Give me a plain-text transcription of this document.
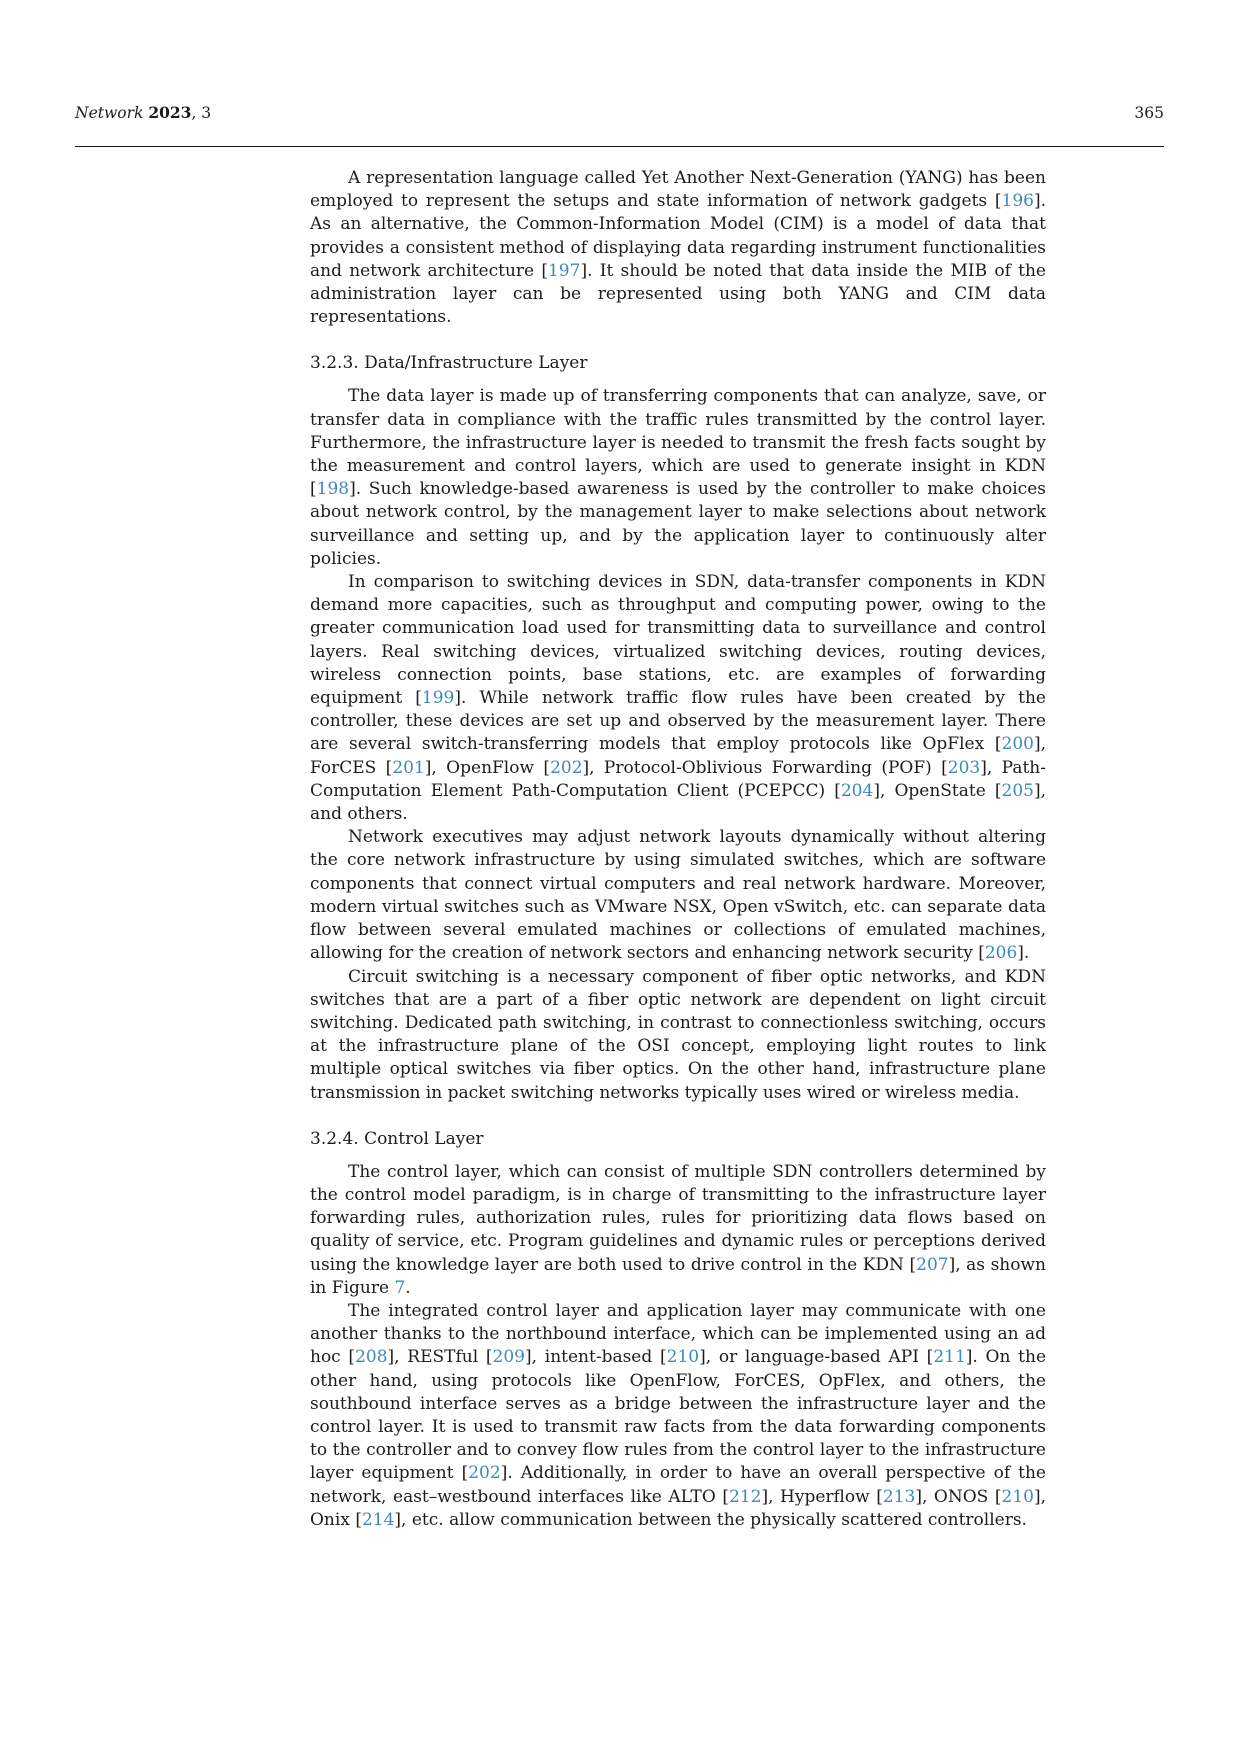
Network 2023, 3	365

A representation language called Yet Another Next-Generation (YANG) has been employed to represent the setups and state information of network gadgets [196]. As an alternative, the Common-Information Model (CIM) is a model of data that provides a consistent method of displaying data regarding instrument functionalities and network architecture [197]. It should be noted that data inside the MIB of the administration layer can be represented using both YANG and CIM data representations.

3.2.3. Data/Infrastructure Layer

The data layer is made up of transferring components that can analyze, save, or transfer data in compliance with the traffic rules transmitted by the control layer. Furthermore, the infrastructure layer is needed to transmit the fresh facts sought by the measurement and control layers, which are used to generate insight in KDN [198]. Such knowledge-based awareness is used by the controller to make choices about network control, by the management layer to make selections about network surveillance and setting up, and by the application layer to continuously alter policies.

In comparison to switching devices in SDN, data-transfer components in KDN demand more capacities, such as throughput and computing power, owing to the greater communication load used for transmitting data to surveillance and control layers. Real switching devices, virtualized switching devices, routing devices, wireless connection points, base stations, etc. are examples of forwarding equipment [199]. While network traffic flow rules have been created by the controller, these devices are set up and observed by the measurement layer. There are several switch-transferring models that employ protocols like OpFlex [200], ForCES [201], OpenFlow [202], Protocol-Oblivious Forwarding (POF) [203], Path-Computation Element Path-Computation Client (PCEPCC) [204], OpenState [205], and others.

Network executives may adjust network layouts dynamically without altering the core network infrastructure by using simulated switches, which are software components that connect virtual computers and real network hardware. Moreover, modern virtual switches such as VMware NSX, Open vSwitch, etc. can separate data flow between several emulated machines or collections of emulated machines, allowing for the creation of network sectors and enhancing network security [206].

Circuit switching is a necessary component of fiber optic networks, and KDN switches that are a part of a fiber optic network are dependent on light circuit switching. Dedicated path switching, in contrast to connectionless switching, occurs at the infrastructure plane of the OSI concept, employing light routes to link multiple optical switches via fiber optics. On the other hand, infrastructure plane transmission in packet switching networks typically uses wired or wireless media.

3.2.4. Control Layer

The control layer, which can consist of multiple SDN controllers determined by the control model paradigm, is in charge of transmitting to the infrastructure layer forwarding rules, authorization rules, rules for prioritizing data flows based on quality of service, etc. Program guidelines and dynamic rules or perceptions derived using the knowledge layer are both used to drive control in the KDN [207], as shown in Figure 7.

The integrated control layer and application layer may communicate with one another thanks to the northbound interface, which can be implemented using an ad hoc [208], RESTful [209], intent-based [210], or language-based API [211]. On the other hand, using protocols like OpenFlow, ForCES, OpFlex, and others, the southbound interface serves as a bridge between the infrastructure layer and the control layer. It is used to transmit raw facts from the data forwarding components to the controller and to convey flow rules from the control layer to the infrastructure layer equipment [202]. Additionally, in order to have an overall perspective of the network, east–westbound interfaces like ALTO [212], Hyperflow [213], ONOS [210], Onix [214], etc. allow communication between the physically scattered controllers.
